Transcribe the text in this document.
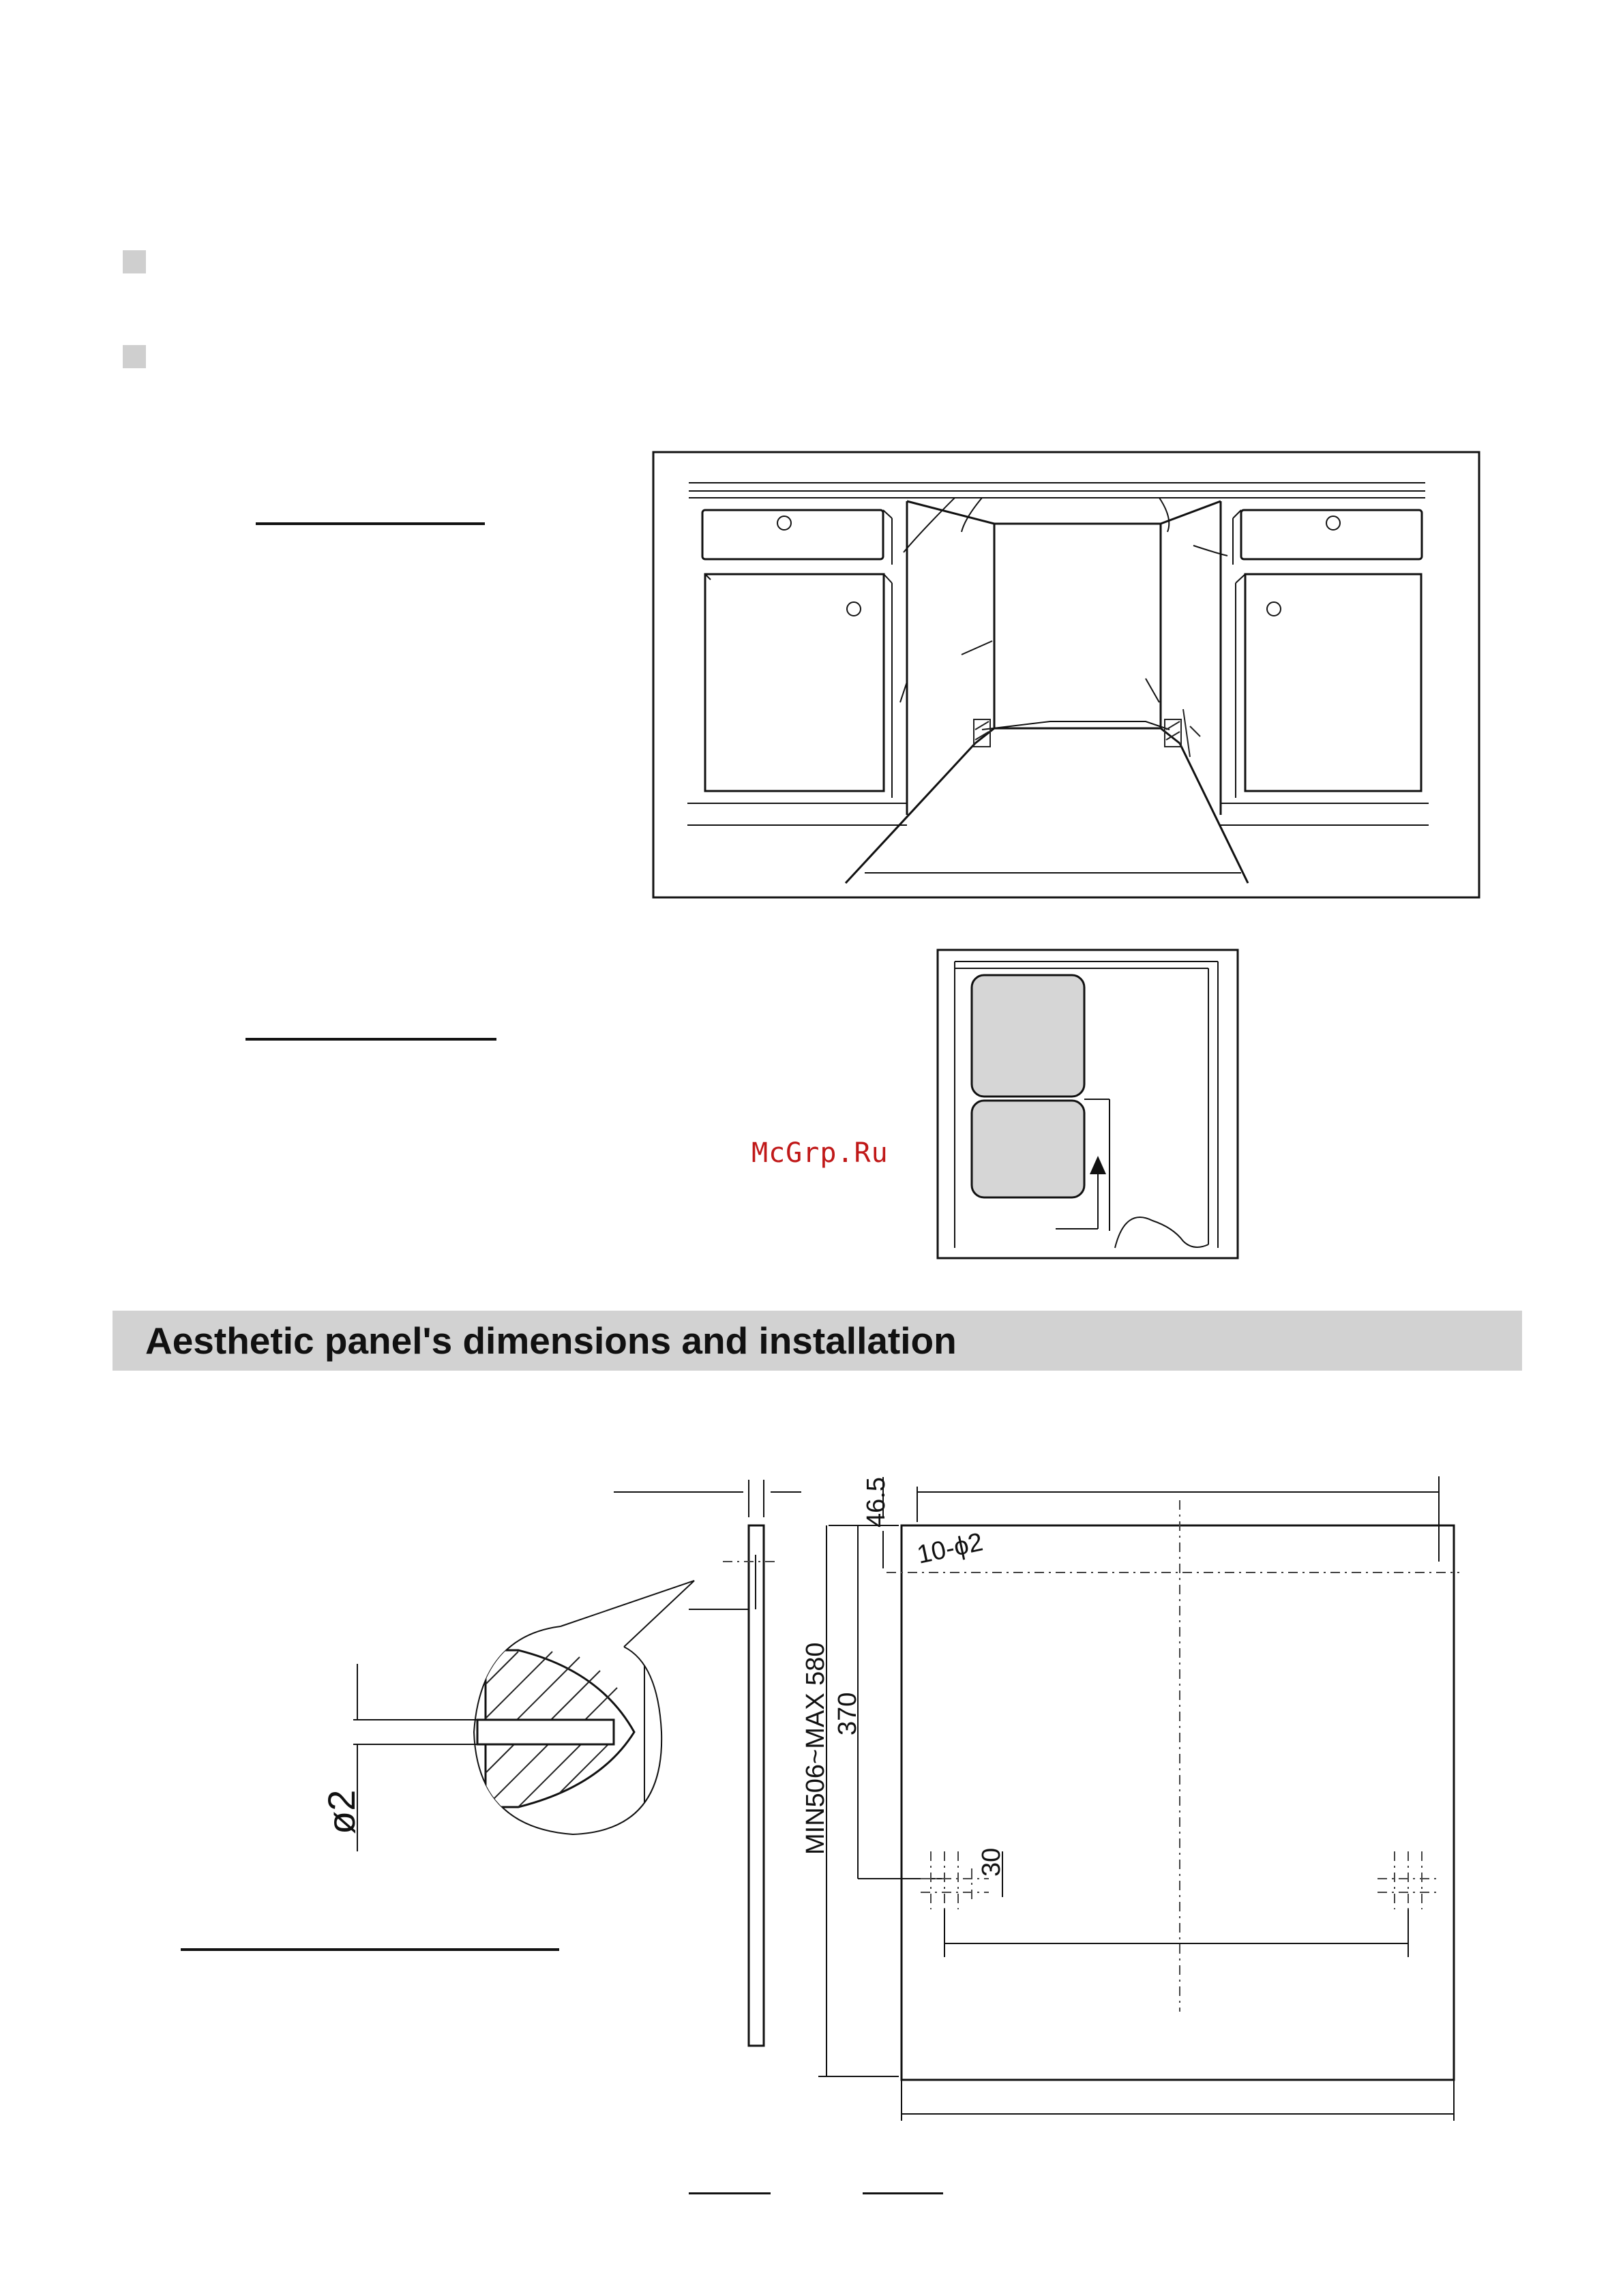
McGrp.Ru
Aesthetic panel's dimensions and installation
ø2
46.5
10-ϕ2
370
MIN506~MAX 580
30
